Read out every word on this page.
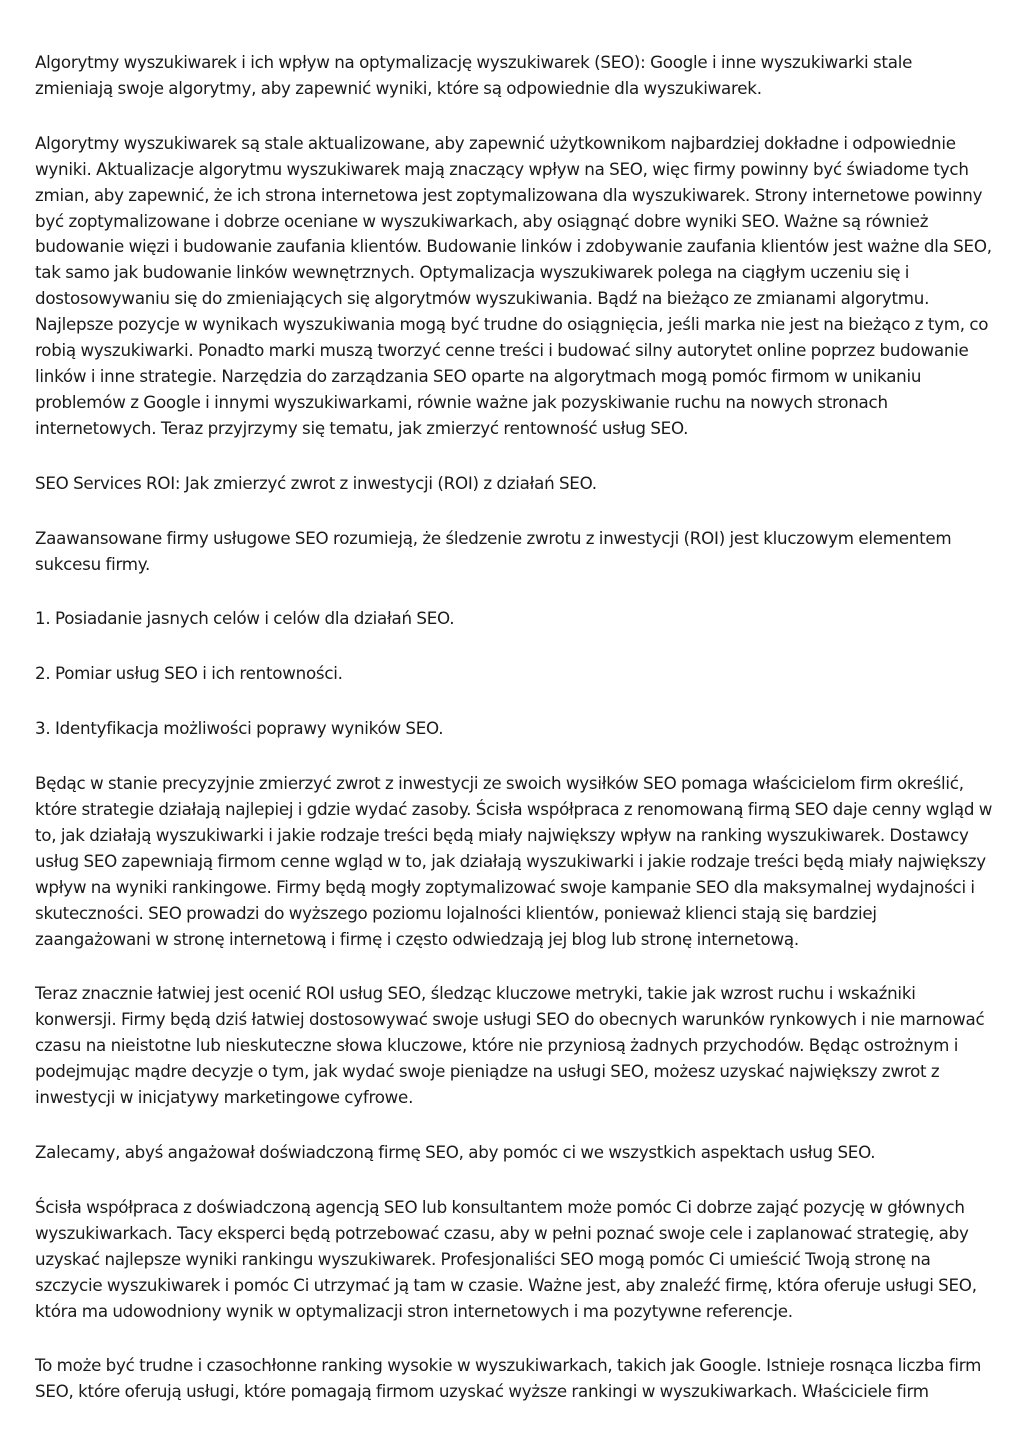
Algorytmy wyszukiwarek i ich wpływ na optymalizację wyszukiwarek (SEO): Google i inne wyszukiwarki stale zmieniają swoje algorytmy, aby zapewnić wyniki, które są odpowiednie dla wyszukiwarek.

Algorytmy wyszukiwarek są stale aktualizowane, aby zapewnić użytkownikom najbardziej dokładne i odpowiednie wyniki. Aktualizacje algorytmu wyszukiwarek mają znaczący wpływ na SEO, więc firmy powinny być świadome tych zmian, aby zapewnić, że ich strona internetowa jest zoptymalizowana dla wyszukiwarek. Strony internetowe powinny być zoptymalizowane i dobrze oceniane w wyszukiwarkach, aby osiągnąć dobre wyniki SEO. Ważne są również budowanie więzi i budowanie zaufania klientów. Budowanie linków i zdobywanie zaufania klientów jest ważne dla SEO, tak samo jak budowanie linków wewnętrznych. Optymalizacja wyszukiwarek polega na ciągłym uczeniu się i dostosowywaniu się do zmieniających się algorytmów wyszukiwania. Bądź na bieżąco ze zmianami algorytmu. Najlepsze pozycje w wynikach wyszukiwania mogą być trudne do osiągnięcia, jeśli marka nie jest na bieżąco z tym, co robią wyszukiwarki. Ponadto marki muszą tworzyć cenne treści i budować silny autorytet online poprzez budowanie linków i inne strategie. Narzędzia do zarządzania SEO oparte na algorytmach mogą pomóc firmom w unikaniu problemów z Google i innymi wyszukiwarkami, równie ważne jak pozyskiwanie ruchu na nowych stronach internetowych. Teraz przyjrzymy się tematu, jak zmierzyć rentowność usług SEO.

SEO Services ROI: Jak zmierzyć zwrot z inwestycji (ROI) z działań SEO.

Zaawansowane firmy usługowe SEO rozumieją, że śledzenie zwrotu z inwestycji (ROI) jest kluczowym elementem sukcesu firmy.

1. Posiadanie jasnych celów i celów dla działań SEO.

2. Pomiar usług SEO i ich rentowności.

3. Identyfikacja możliwości poprawy wyników SEO.

Będąc w stanie precyzyjnie zmierzyć zwrot z inwestycji ze swoich wysiłków SEO pomaga właścicielom firm określić, które strategie działają najlepiej i gdzie wydać zasoby. Ścisła współpraca z renomowaną firmą SEO daje cenny wgląd w to, jak działają wyszukiwarki i jakie rodzaje treści będą miały największy wpływ na ranking wyszukiwarek. Dostawcy usług SEO zapewniają firmom cenne wgląd w to, jak działają wyszukiwarki i jakie rodzaje treści będą miały największy wpływ na wyniki rankingowe. Firmy będą mogły zoptymalizować swoje kampanie SEO dla maksymalnej wydajności i skuteczności. SEO prowadzi do wyższego poziomu lojalności klientów, ponieważ klienci stają się bardziej zaangażowani w stronę internetową i firmę i często odwiedzają jej blog lub stronę internetową.

Teraz znacznie łatwiej jest ocenić ROI usług SEO, śledząc kluczowe metryki, takie jak wzrost ruchu i wskaźniki konwersji. Firmy będą dziś łatwiej dostosowywać swoje usługi SEO do obecnych warunków rynkowych i nie marnować czasu na nieistotne lub nieskuteczne słowa kluczowe, które nie przyniosą żadnych przychodów. Będąc ostrożnym i podejmując mądre decyzje o tym, jak wydać swoje pieniądze na usługi SEO, możesz uzyskać największy zwrot z inwestycji w inicjatywy marketingowe cyfrowe.

Zalecamy, abyś angażował doświadczoną firmę SEO, aby pomóc ci we wszystkich aspektach usług SEO.

Ścisła współpraca z doświadczoną agencją SEO lub konsultantem może pomóc Ci dobrze zająć pozycję w głównych wyszukiwarkach. Tacy eksperci będą potrzebować czasu, aby w pełni poznać swoje cele i zaplanować strategię, aby uzyskać najlepsze wyniki rankingu wyszukiwarek. Profesjonaliści SEO mogą pomóc Ci umieścić Twoją stronę na szczycie wyszukiwarek i pomóc Ci utrzymać ją tam w czasie. Ważne jest, aby znaleźć firmę, która oferuje usługi SEO, która ma udowodniony wynik w optymalizacji stron internetowych i ma pozytywne referencje.

To może być trudne i czasochłonne ranking wysokie w wyszukiwarkach, takich jak Google. Istnieje rosnąca liczba firm SEO, które oferują usługi, które pomagają firmom uzyskać wyższe rankingi w wyszukiwarkach. Właściciele firm
